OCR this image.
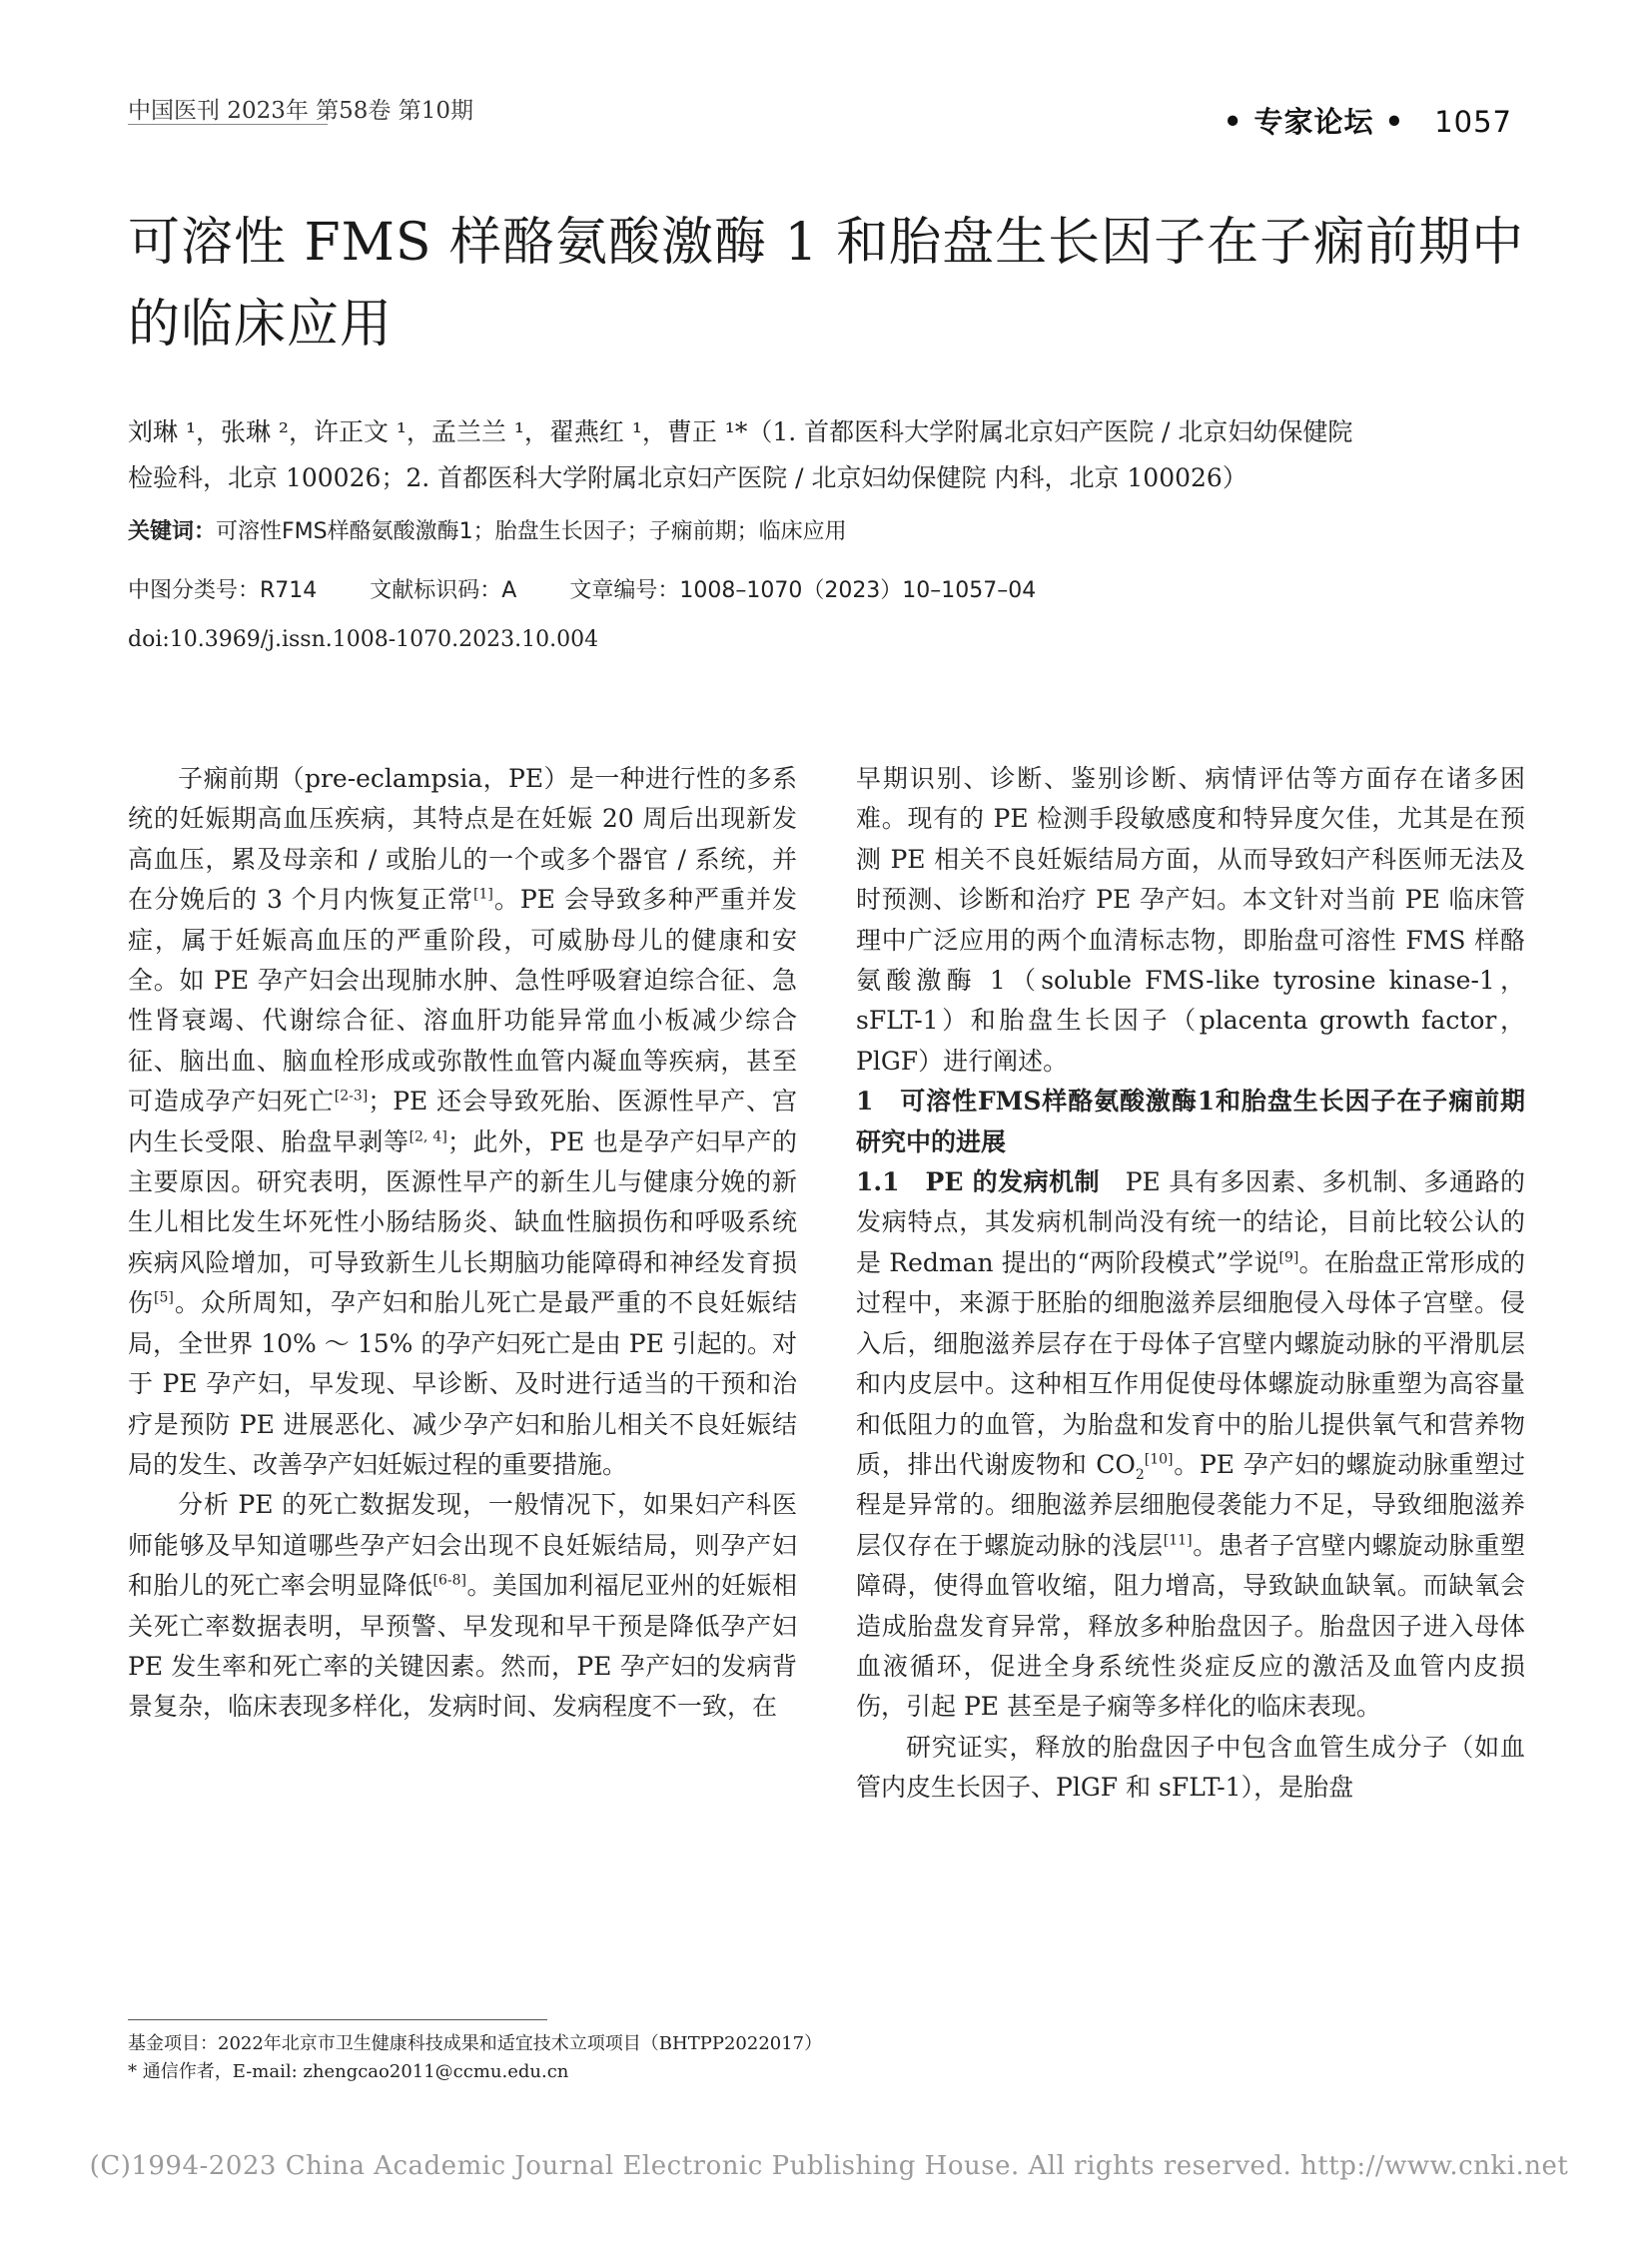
中国医刊 2023年 第58卷 第10期	• 专家论坛 • 1057
可溶性 FMS 样酪氨酸激酶 1 和胎盘生长因子在子痫前期中的临床应用
刘琳 ¹，张琳 ²，许正文 ¹，孟兰兰 ¹，翟燕红 ¹，曹正 ¹*（1. 首都医科大学附属北京妇产医院 / 北京妇幼保健院
检验科，北京 100026；2. 首都医科大学附属北京妇产医院 / 北京妇幼保健院 内科，北京 100026）
关键词：可溶性FMS样酪氨酸激酶1；胎盘生长因子；子痫前期；临床应用
中图分类号：R714 文献标识码：A 文章编号：1008–1070（2023）10–1057–04
doi:10.3969/j.issn.1008-1070.2023.10.004

子痫前期（pre-eclampsia，PE）是一种进行性的多系统的妊娠期高血压疾病，其特点是在妊娠 20 周后出现新发高血压，累及母亲和 / 或胎儿的一个或多个器官 / 系统，并在分娩后的 3 个月内恢复正常[1]。PE 会导致多种严重并发症，属于妊娠高血压的严重阶段，可威胁母儿的健康和安全。如 PE 孕产妇会出现肺水肿、急性呼吸窘迫综合征、急性肾衰竭、代谢综合征、溶血肝功能异常血小板减少综合征、脑出血、脑血栓形成或弥散性血管内凝血等疾病，甚至可造成孕产妇死亡[2-3]；PE 还会导致死胎、医源性早产、宫内生长受限、胎盘早剥等[2, 4]；此外，PE 也是孕产妇早产的主要原因。研究表明，医源性早产的新生儿与健康分娩的新生儿相比发生坏死性小肠结肠炎、缺血性脑损伤和呼吸系统疾病风险增加，可导致新生儿长期脑功能障碍和神经发育损伤[5]。众所周知，孕产妇和胎儿死亡是最严重的不良妊娠结局，全世界 10% ～ 15% 的孕产妇死亡是由 PE 引起的。对于 PE 孕产妇，早发现、早诊断、及时进行适当的干预和治疗是预防 PE 进展恶化、减少孕产妇和胎儿相关不良妊娠结局的发生、改善孕产妇妊娠过程的重要措施。

分析 PE 的死亡数据发现，一般情况下，如果妇产科医师能够及早知道哪些孕产妇会出现不良妊娠结局，则孕产妇和胎儿的死亡率会明显降低[6-8]。美国加利福尼亚州的妊娠相关死亡率数据表明，早预警、早发现和早干预是降低孕产妇 PE 发生率和死亡率的关键因素。然而，PE 孕产妇的发病背景复杂，临床表现多样化，发病时间、发病程度不一致，在

早期识别、诊断、鉴别诊断、病情评估等方面存在诸多困难。现有的 PE 检测手段敏感度和特异度欠佳，尤其是在预测 PE 相关不良妊娠结局方面，从而导致妇产科医师无法及时预测、诊断和治疗 PE 孕产妇。本文针对当前 PE 临床管理中广泛应用的两个血清标志物，即胎盘可溶性 FMS 样酪氨酸激酶 1（soluble FMS-like tyrosine kinase-1，sFLT-1）和胎盘生长因子（placenta growth factor，PlGF）进行阐述。

1　可溶性FMS样酪氨酸激酶1和胎盘生长因子在子痫前期研究中的进展

1.1　PE 的发病机制　PE 具有多因素、多机制、多通路的发病特点，其发病机制尚没有统一的结论，目前比较公认的是 Redman 提出的“两阶段模式”学说[9]。在胎盘正常形成的过程中，来源于胚胎的细胞滋养层细胞侵入母体子宫壁。侵入后，细胞滋养层存在于母体子宫壁内螺旋动脉的平滑肌层和内皮层中。这种相互作用促使母体螺旋动脉重塑为高容量和低阻力的血管，为胎盘和发育中的胎儿提供氧气和营养物质，排出代谢废物和 $CO_2[10]$。PE 孕产妇的螺旋动脉重塑过程是异常的。细胞滋养层细胞侵袭能力不足，导致细胞滋养层仅存在于螺旋动脉的浅层[11]。患者子宫壁内螺旋动脉重塑障碍，使得血管收缩，阻力增高，导致缺血缺氧。而缺氧会造成胎盘发育异常，释放多种胎盘因子。胎盘因子进入母体血液循环，促进全身系统性炎症反应的激活及血管内皮损伤，引起 PE 甚至是子痫等多样化的临床表现。

研究证实，释放的胎盘因子中包含血管生成分子（如血管内皮生长因子、PlGF 和 sFLT-1），是胎盘

基金项目：2022年北京市卫生健康科技成果和适宜技术立项项目（BHTPP2022017）
* 通信作者，E-mail: zhengcao2011@ccmu.edu.cn
(C)1994-2023 China Academic Journal Electronic Publishing House. All rights reserved. http://www.cnki.net
